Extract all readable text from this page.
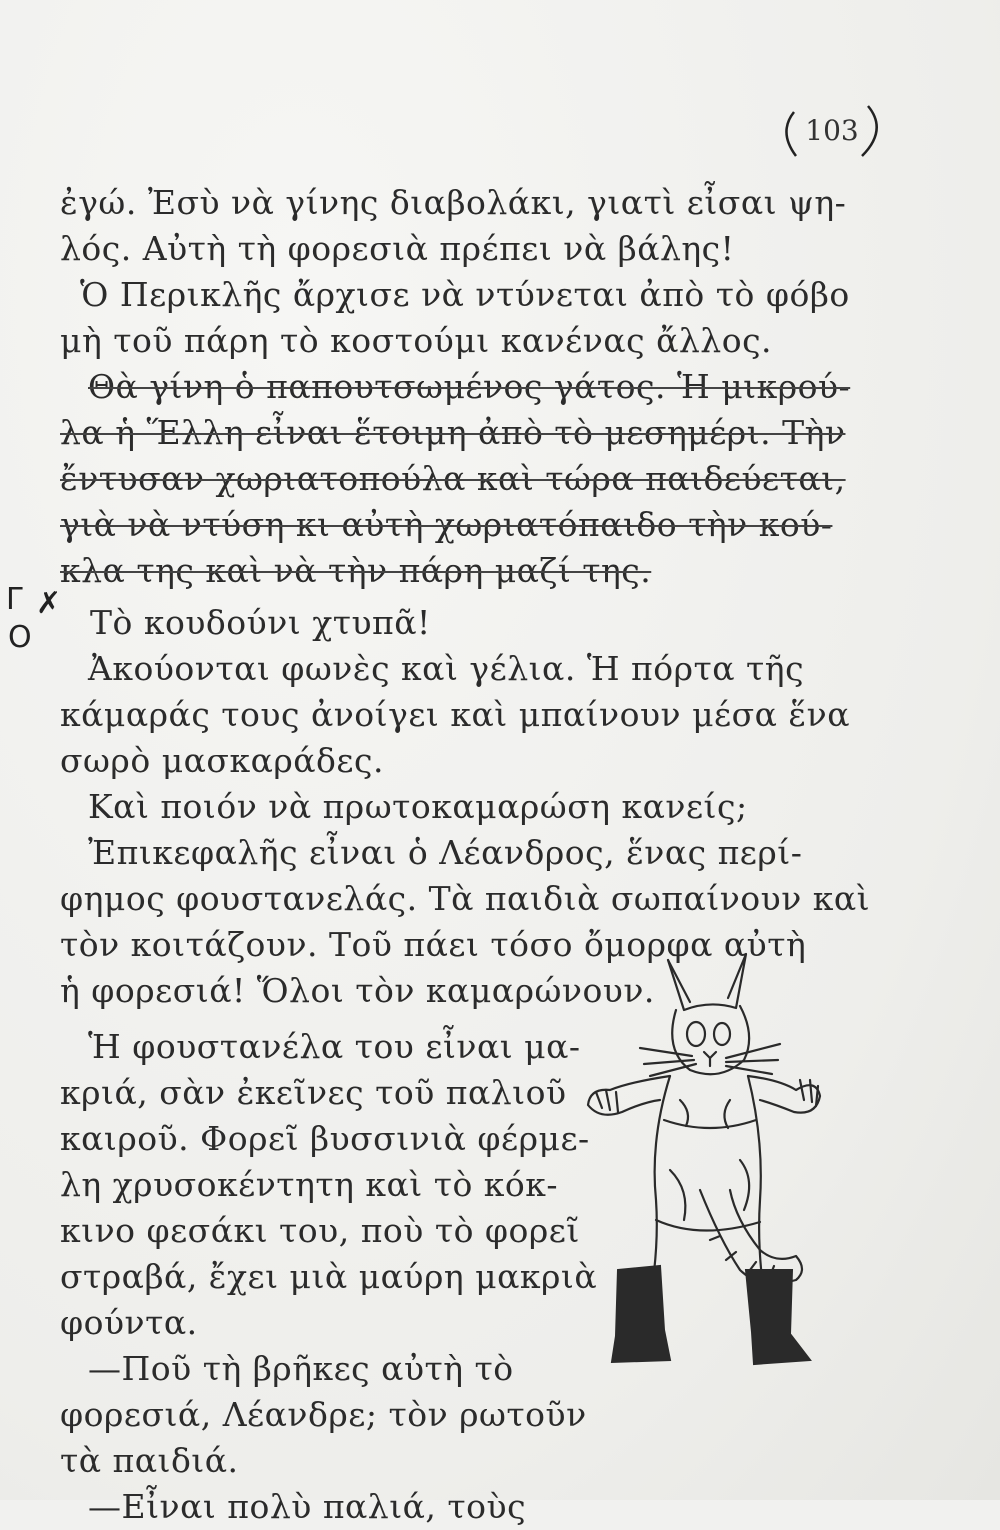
103
ἐγώ. Ἐσὺ νὰ γίνης διαβολάκι, γιατὶ εἶσαι ψη-
λός. Αὐτὴ τὴ φορεσιὰ πρέπει νὰ βάλης!
Ὁ Περικλῆς ἄρχισε νὰ ντύνεται ἀπὸ τὸ φόβο
μὴ τοῦ πάρη τὸ κοστούμι κανένας ἄλλος.
Θὰ γίνη ὁ παπουτσωμένος γάτος. Ἡ μικρού-
λα ἡ Ἕλλη εἶναι ἕτοιμη ἀπὸ τὸ μεσημέρι. Τὴν
ἔντυσαν χωριατοπούλα καὶ τώρα παιδεύεται,
γιὰ νὰ ντύση κι αὐτὴ χωριατόπαιδο τὴν κού-
κλα της καὶ νὰ τὴν πάρη μαζί της.
Τὸ κουδούνι χτυπᾶ!
Ἀκούονται φωνὲς καὶ γέλια. Ἡ πόρτα τῆς
κάμαράς τους ἀνοίγει καὶ μπαίνουν μέσα ἕνα
σωρὸ μασκαράδες.
Καὶ ποιόν νὰ πρωτοκαμαρώση κανείς;
Ἐπικεφαλῆς εἶναι ὁ Λέανδρος, ἕνας περί-
φημος φουστανελάς. Τὰ παιδιὰ σωπαίνουν καὶ
τὸν κοιτάζουν. Τοῦ πάει τόσο ὄμορφα αὐτὴ
ἡ φορεσιά! Ὅλοι τὸν καμαρώνουν.
Ἡ φουστανέλα του εἶναι μα-
κριά, σὰν ἐκεῖνες τοῦ παλιοῦ
καιροῦ. Φορεῖ βυσσινιὰ φέρμε-
λη χρυσοκέντητη καὶ τὸ κόκ-
κινο φεσάκι του, ποὺ τὸ φορεῖ
στραβά, ἔχει μιὰ μαύρη μακριὰ
φούντα.
—Ποῦ τὴ βρῆκες αὐτὴ τὸ
φορεσιά, Λέανδρε; τὸν ρωτοῦν
τὰ παιδιά.
—Εἶναι πολὺ παλιά, τοὺς
Γ ✗
O
